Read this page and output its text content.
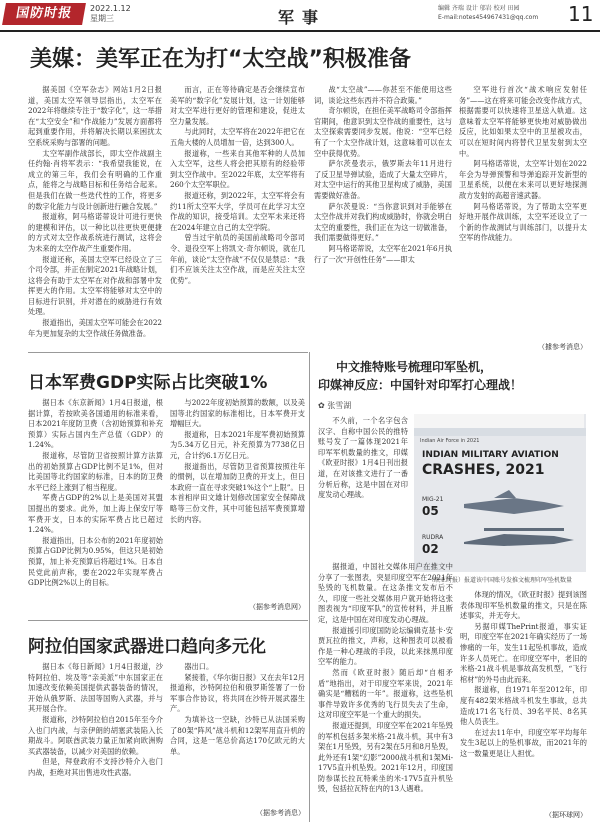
国防时报	2022.1.12
星期三	军事	编辑 齐瑞 设计 邬岩 校对 田园
E-mail:notes454967431@qq.com 11
美媒：美军正在为打“太空战”积极准备

据美国《空军杂志》网站1月2日报道，美国太空军领导层指出，太空军在2022年将继续专注于“数字化”，这一举措在“太空安全”和“作战能力”发展方面都将起到重要作用，并将解决长期以来困扰太空系统采购与部署的问题。

太空军副作战部长，即太空作战副主任约翰·肖将军表示：“我希望我能说，在成立的第三年，我们会有明确的工作重点，能将之与战略目标和任务结合起来。但是我们在做一些迭代性的工作，将更多的数字化能力与设计创新进行融合发展。”

报道称，阿马格诺蒂设计可进行更快的建模和评估，以一种比以往更快更便捷的方式对太空作战系统进行测试，这将会为未来的太空作战产生重要作用。

报道还称，美国太空军已经设立了三个司令部，并正在制定2021年战略计划，这将会有助于太空军在对作战和部署中发挥更大的作用。太空军将能够对太空中的目标进行识别，并对潜在的威胁进行有效处理。

报道指出，美国太空军可能会在2022年为更加复杂的太空作战任务做准备。

而言，正在等待确定是否会继续宣布美军的“数字化”发展计划，这一计划能够对太空军进行更好的管理和建设，促进太空力量发展。

与此同时，太空军将在2022年把它在五角大楼的人员增加一倍，达到300人。

报道称，一些来自其他军种的人员加入太空军，这些人将会把其原有的经验带到太空作战中。至2022年底，太空军将有260个太空军职位。

报道还称，到2022年，太空军将会有约11所太空军大学，学员可在此学习太空作战的知识，接受培训。太空军未来还将在2024年建立自己的太空学院。

曾当过宇航员的美国前战略司令部司令、退役空军上将凯文·奇尔顿说，就在几年前，谈论“太空作战”不仅仅是禁忌：“我们不应该关注太空作战，而是应关注太空优势”。

战“太空战”——你甚至不能使用这些词，谈论这些东西并不符合政策。”

奇尔顿说，在担任美军战略司令部指挥官期间，他意识到太空作战的重要性，这与太空探索需要同步发展。他说：“空军已经有了一个太空作战计划，这意味着可以在太空中获得优势。

萨尔茨曼表示，俄罗斯去年11月进行了反卫星导弹试验，造成了大量太空碎片，对太空中运行的其他卫星构成了威胁，美国需要做好准备。

萨尔茨曼说：“当你意识到对手能够在太空作战并对我们构成威胁时，你就会明白太空的重要性，我们正在为这一切做准备，我们需要做得更好。”

阿马格诺蒂说，太空军在2021年6月执行了一次“开创性任务”——即太

空军进行首次“战术响应发射任务”——这在将来可能会改变作战方式，根据需要可以快速将卫星送入轨道。这意味着太空军将能够更快地对威胁做出反应，比如如果太空中的卫星被攻击，可以在短时间内将替代卫星发射到太空中。

阿马格诺蒂说，太空军计划在2022年会为导弹预警和导弹追踪开发新型的卫星系统，以便在未来可以更好地探测敌方发射的高超音速武器。

阿马格诺蒂说，为了帮助太空军更好地开展作战训练，太空军还设立了一个新的作战测试与训练部门，以提升太空军的作战能力。

（據参考消息）
日本军费GDP实际占比突破1%

据日本《东京新闻》1月4日报道，根据计算，若按欧美各国通用的标准来看，日本2021年度防卫费（含初始预算和补充预算）实际占国内生产总值（GDP）的1.24%。

报道称，尽管防卫省按照计算方法算出的初始预算占GDP比例不足1%，但对比美国等北约国家的标准，日本的防卫费水平已经上涨到了相当程度。

军费占GDP的2%以上是美国对其盟国提出的要求。此外，加上海上保安厅等军费开支，日本的实际军费占比已超过1.24%。

报道指出，日本公布的2021年度初始预算占GDP比例为0.95%，但这只是初始预算，加上补充预算后将超过1%。日本自民党此前声称，要在2022年实现军费占GDP比例2%以上的目标。

与2022年度初始预算的数额，以及美国等北约国家的标准相比，日本军费开支增幅巨大。

报道称，日本2021年度军费初始预算为5.34万亿日元，补充预算为7738亿日元，合计约6.1万亿日元。

报道指出，尽管防卫省预算按照往年的惯例，以在增加防卫费的开支上，但日本政府一直在寻求突破1%这个“上限”。日本首相岸田文雄计划修改国家安全保障战略等三份文件，其中可能包括军费预算增长的内容。

（据参考消息网）
阿拉伯国家武器进口趋向多元化

据日本《每日新闻》1月4日报道，沙特阿拉伯、埃及等“亲美派”中东国家正在加速改变依赖美国提供武器装备的情况，开始从俄罗斯、法国等国购入武器，并与其开展合作。

报道称，沙特阿拉伯自2015年至今介入也门内战，与亲伊朗的胡塞武装陷入长期战斗。阿联酋武装力量正加紧向欧洲购买武器装备，以减少对美国的依赖。

但是，拜登政府不支持沙特介入也门内战，拒绝对其出售进攻性武器。

器出口。

紧接着，《华尔街日报》又在去年12月报道称，沙特阿拉伯和俄罗斯签署了一份军事合作协议，将共同在沙特开展武器生产。

为填补这一空缺，沙特已从法国采购了80架“阵风”战斗机和12架军用直升机的合同，这是一笔总价高达170亿欧元的大单。

（据参考消息）
中文推特账号梳理印军坠机，
印媒神反应：中国针对印军打心理战！
✿ 张雪湖

不久前，一个名字包含汉字、自称中国公民的推特账号发了一篇体现2021年印军军机数量的推文，印媒《欧亚时报》1月4日刊出报道，在对该推文进行了一番分析后称，这是中国在对印度发动心理战。

Indian Air Force in 2021
INDIAN MILITARY AVIATION
CRASHES, 2021
MIG-21
05
RUDRA
02
（欧亚时报）报道该中国账号发推文梳理印军坠机数量

据报道，中国社交媒体用户在推文中分享了一张图表，突显印度空军在2021年坠毁的飞机数量。在这条推文发布后不久，印度一些社交媒体用户就开始将这张图表视为“印度军队”的宣传材料，并且断定，这是中国在对印度发动心理战。

报道援引印度国防论坛编辑克基卡·安贾瓦拉的推文，声称，这种图表可以被看作是一种心理战的手段，以此来抹黑印度空军的能力。

然而《欧亚时报》随后却“自相矛盾”地指出，对于印度空军来说，2021年确实是“糟糕的一年”。报道称，这些坠机事件导致许多优秀的飞行员失去了生命，这对印度空军是一个重大的损失。

报道还提到，印度空军在2021年坠毁的军机包括多架米格-21战斗机，其中有3架在1月坠毁，另有2架在5月和8月坠毁，此外还有1架“幻影”2000战斗机和1架Mi-17V5直升机坠毁。2021年12月，印度国防参谋长拉瓦特乘坐的米-17V5直升机坠毁，包括拉瓦特在内的13人遇难。

体现的情况，《欧亚时报》提到该图表体现印军坠机数量的推文，只是在陈述事实，并无夸大。

另据印媒ThePrint报道，事实证明，印度空军在2021年确实经历了一场惨痛的一年，发生11起坠机事故，造成许多人员死亡。在印度空军中，老旧的米格-21战斗机是事故高发机型，“飞行棺材”的外号由此而来。

报道称，自1971年至2012年，印度有482架米格战斗机发生事故，总共造成171名飞行员、39名平民、8名其他人员丧生。

在过去11年中，印度空军平均每年发生3起以上的坠机事故，而2021年的这一数量更是让人担忧。

（据环球网）
